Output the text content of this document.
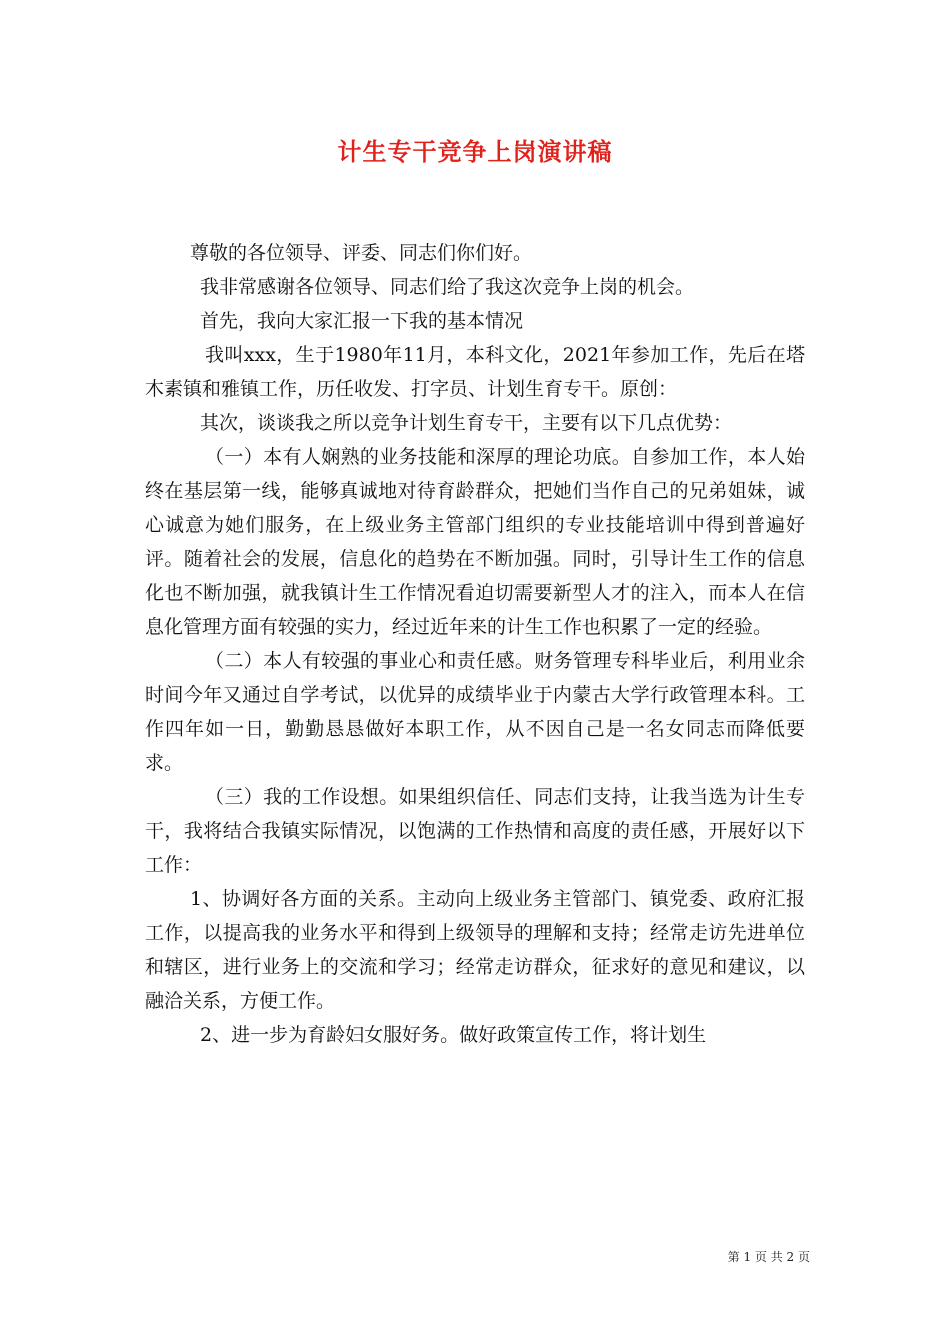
计生专干竞争上岗演讲稿

尊敬的各位领导、评委、同志们你们好。

我非常感谢各位领导、同志们给了我这次竞争上岗的机会。

首先，我向大家汇报一下我的基本情况

我叫xxx，生于1980年11月，本科文化，2021年参加工作，先后在塔木素镇和雅镇工作，历任收发、打字员、计划生育专干。原创：

其次，谈谈我之所以竞争计划生育专干，主要有以下几点优势：

（一）本有人娴熟的业务技能和深厚的理论功底。自参加工作，本人始终在基层第一线，能够真诚地对待育龄群众，把她们当作自己的兄弟姐妹，诚心诚意为她们服务，在上级业务主管部门组织的专业技能培训中得到普遍好评。随着社会的发展，信息化的趋势在不断加强。同时，引导计生工作的信息化也不断加强，就我镇计生工作情况看迫切需要新型人才的注入，而本人在信息化管理方面有较强的实力，经过近年来的计生工作也积累了一定的经验。

（二）本人有较强的事业心和责任感。财务管理专科毕业后，利用业余时间今年又通过自学考试，以优异的成绩毕业于内蒙古大学行政管理本科。工作四年如一日，勤勤恳恳做好本职工作，从不因自己是一名女同志而降低要求。

（三）我的工作设想。如果组织信任、同志们支持，让我当选为计生专干，我将结合我镇实际情况，以饱满的工作热情和高度的责任感，开展好以下工作：

1、协调好各方面的关系。主动向上级业务主管部门、镇党委、政府汇报工作，以提高我的业务水平和得到上级领导的理解和支持；经常走访先进单位和辖区，进行业务上的交流和学习；经常走访群众，征求好的意见和建议，以融洽关系，方便工作。

2、进一步为育龄妇女服好务。做好政策宣传工作，将计划生

第 1 页 共 2 页
